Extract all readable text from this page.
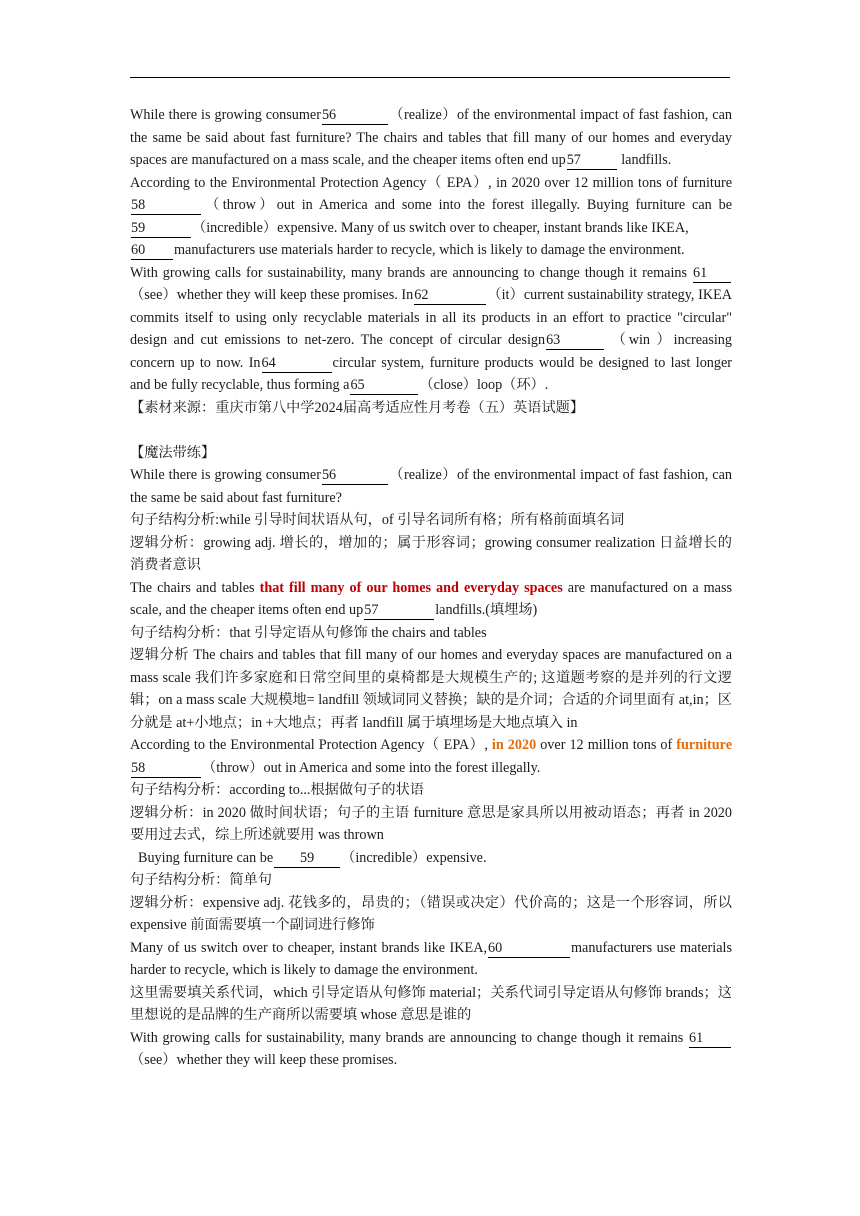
While there is growing consumer56	（realize）of the environmental impact of fast fashion, can the same be said about fast furniture? The chairs and tables that fill many of our homes and everyday spaces are manufactured on a mass scale, and the cheaper items often end up57	landfills.

According to the Environmental Protection Agency（ EPA）, in 2020 over 12 million tons of furniture58	（throw）out in America and some into the forest illegally. Buying furniture can be59	（incredible）expensive. Many of us switch over to cheaper, instant brands like IKEA,
60 manufacturers use materials harder to recycle, which is likely to damage the environment.

With growing calls for sustainability, many brands are announcing to change though it remains 61（see）whether they will keep these promises. In62	（it）current sustainability strategy, IKEA commits itself to using only recyclable materials in all its products in an effort to practice "circular" design and cut emissions to net-zero. The concept of circular design63	（win ）increasing concern up to now. In64	circular system, furniture products would be designed to last longer and be fully recyclable, thus forming a65	（close）loop（环）.

【素材来源：重庆市第八中学2024届高考适应性月考卷（五）英语试题】

【魔法带练】

While there is growing consumer56	（realize）of the environmental impact of fast fashion, can the same be said about fast furniture?

句子结构分析:while 引导时间状语从句，of 引导名词所有格；所有格前面填名词

逻辑分析：growing adj. 增长的，增加的；属于形容词；growing consumer realization 日益增长的消费者意识

The chairs and tables that fill many of our homes and everyday spaces are manufactured on a mass scale, and the cheaper items often end up57	landfills.(填埋场)

句子结构分析：that 引导定语从句修饰 the chairs and tables

逻辑分析 The chairs and tables that fill many of our homes and everyday spaces are manufactured on a mass scale 我们许多家庭和日常空间里的桌椅都是大规模生产的; 这道题考察的是并列的行文逻辑；on a mass scale 大规模地= landfill 领域词同义替换；缺的是介词；合适的介词里面有 at,in；区分就是 at+小地点；in +大地点；再者 landfill 属于填埋场是大地点填入 in

According to the Environmental Protection Agency（ EPA）, in 2020 over 12 million tons of furniture58	（throw）out in America and some into the forest illegally.

句子结构分析：according to...根据做句子的状语

逻辑分析：in 2020 做时间状语；句子的主语 furniture 意思是家具所以用被动语态；再者 in 2020 要用过去式，综上所述就要用 was thrown

Buying furniture can be 59 （incredible）expensive.

句子结构分析：简单句

逻辑分析：expensive adj. 花钱多的，昂贵的；（错误或决定）代价高的；这是一个形容词，所以 expensive 前面需要填一个副词进行修饰

Many of us switch over to cheaper, instant brands like IKEA,60	manufacturers use materials harder to recycle, which is likely to damage the environment.

这里需要填关系代词，which 引导定语从句修饰 material；关系代词引导定语从句修饰 brands；这里想说的是品牌的生产商所以需要填 whose 意思是谁的

With growing calls for sustainability, many brands are announcing to change though it remains 61（see）whether they will keep these promises.
